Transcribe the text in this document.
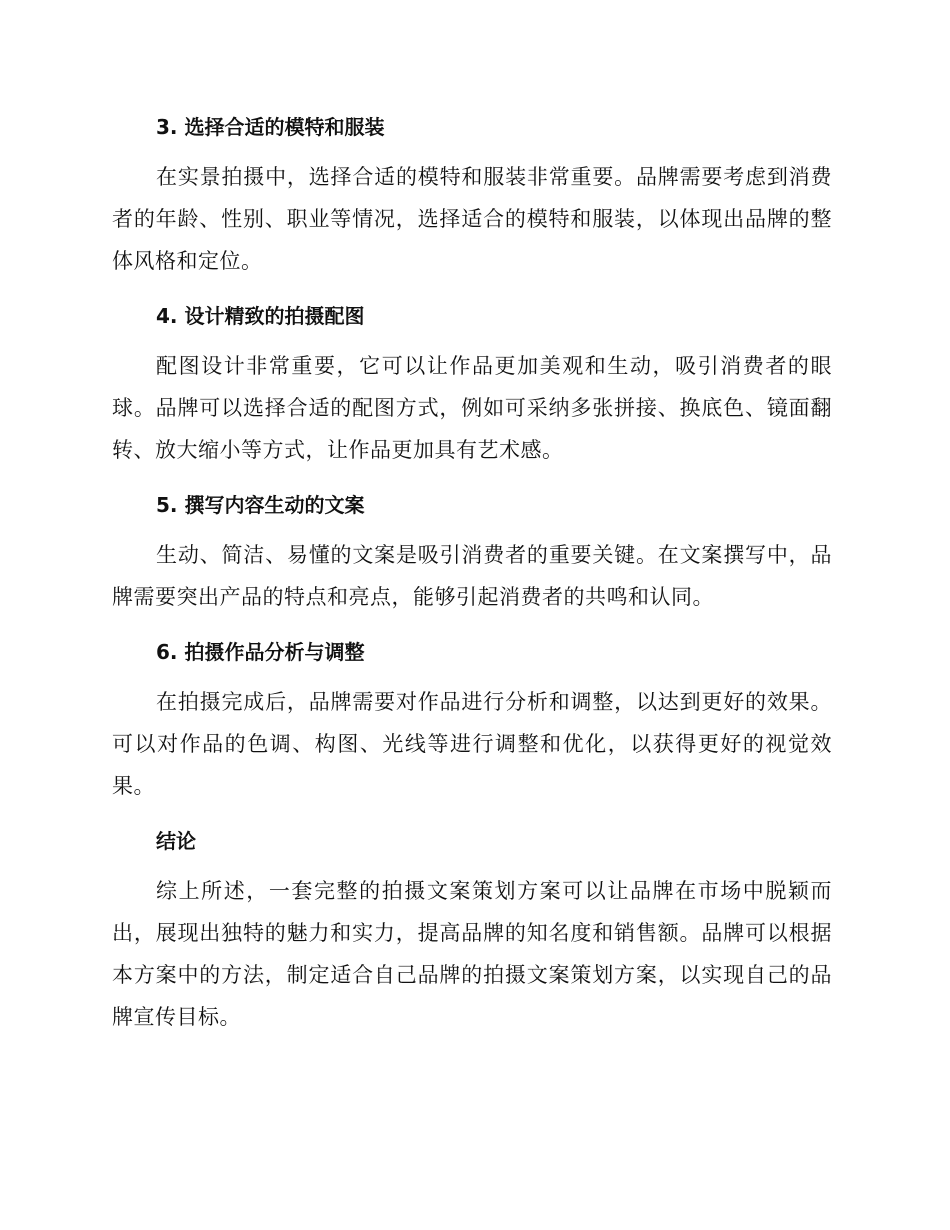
3. 选择合适的模特和服装

在实景拍摄中，选择合适的模特和服装非常重要。品牌需要考虑到消费者的年龄、性别、职业等情况，选择适合的模特和服装，以体现出品牌的整体风格和定位。

4. 设计精致的拍摄配图

配图设计非常重要，它可以让作品更加美观和生动，吸引消费者的眼球。品牌可以选择合适的配图方式，例如可采纳多张拼接、换底色、镜面翻转、放大缩小等方式，让作品更加具有艺术感。

5. 撰写内容生动的文案

生动、简洁、易懂的文案是吸引消费者的重要关键。在文案撰写中，品牌需要突出产品的特点和亮点，能够引起消费者的共鸣和认同。

6. 拍摄作品分析与调整

在拍摄完成后，品牌需要对作品进行分析和调整，以达到更好的效果。可以对作品的色调、构图、光线等进行调整和优化，以获得更好的视觉效果。

结论

综上所述，一套完整的拍摄文案策划方案可以让品牌在市场中脱颖而出，展现出独特的魅力和实力，提高品牌的知名度和销售额。品牌可以根据本方案中的方法，制定适合自己品牌的拍摄文案策划方案，以实现自己的品牌宣传目标。
